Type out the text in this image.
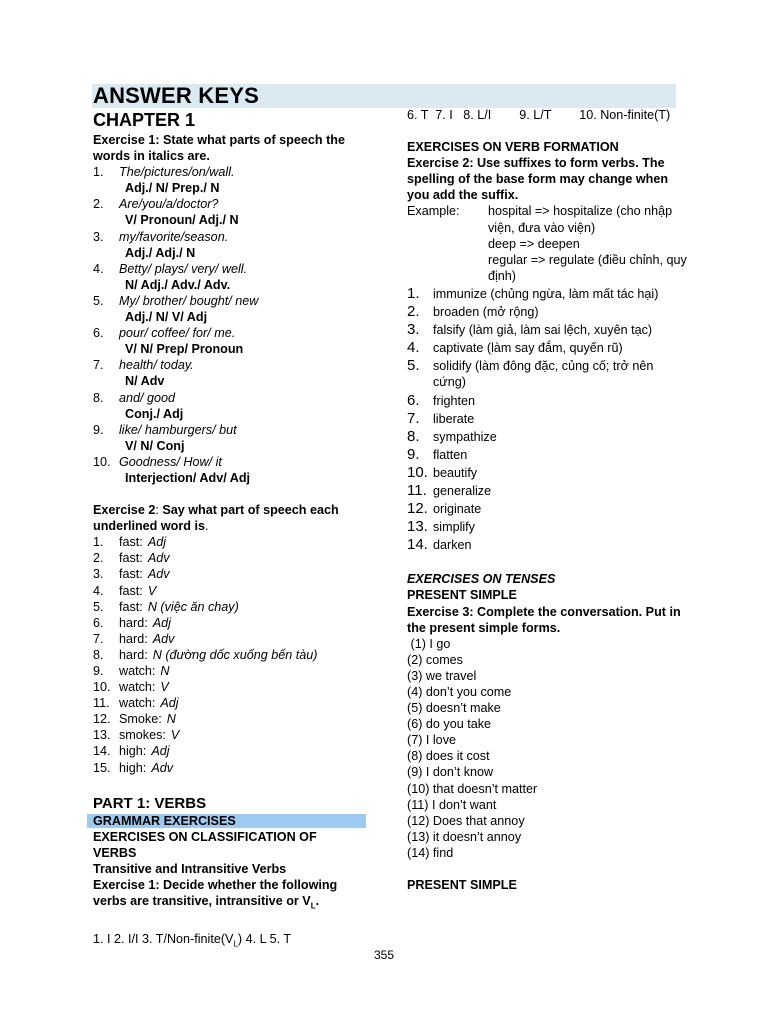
ANSWER KEYS
CHAPTER 1
Exercise 1: State what parts of speech the words in italics are.
1.	The/pictures/on/wall.
Adj./ N/ Prep./ N
2.	Are/you/a/doctor?
V/ Pronoun/ Adj./ N
3.	my/favorite/season.
Adj./ Adj./ N
4.	Betty/ plays/ very/ well.
N/ Adj./ Adv./ Adv.
5.	My/ brother/ bought/ new
Adj./ N/ V/ Adj
6.	pour/ coffee/ for/ me.
V/ N/ Prep/ Pronoun
7.	health/ today.
N/ Adv
8.	and/ good
Conj./ Adj
9.	like/ hamburgers/ but
V/ N/ Conj
10. Goodness/ How/ it
Interjection/ Adv/ Adj
Exercise 2: Say what part of speech each underlined word is.
1.	fast: Adj
2.	fast: Adv
3.	fast: Adv
4.	fast: V
5.	fast: N (việc ăn chay)
6.	hard: Adj
7.	hard: Adv
8.	hard: N (đường dốc xuống bến tàu)
9.	watch: N
10. watch: V
11. watch: Adj
12. Smoke: N
13. smokes: V
14. high: Adj
15. high: Adv
PART 1: VERBS
GRAMMAR EXERCISES
EXERCISES ON CLASSIFICATION OF VERBS
Transitive and Intransitive Verbs
Exercise 1: Decide whether the following verbs are transitive, intransitive or $V_L$.
1. I 2. I/I 3. $T/Non-finite(V_L)$ 4. L 5. T
6. T  7. I   8. L/I        9. L/T        10. Non-finite(T)
EXERCISES ON VERB FORMATION
Exercise 2: Use suffixes to form verbs. The spelling of the base form may change when you add the suffix.
Example:	hospital => hospitalize (cho nhập viện, đưa vào viện)
deep => deepen
regular => regulate (điều chỉnh, quy định)
1.	immunize (chủng ngừa, làm mất tác hại)
2.	broaden (mở rộng)
3.	falsify (làm giả, làm sai lệch, xuyên tạc)
4.	captivate (làm say đắm, quyến rũ)
5.	solidify (làm đông đặc, củng cố; trở nên cứng)
6.	frighten
7.	liberate
8.	sympathize
9.	flatten
10. beautify
11. generalize
12. originate
13. simplify
14. darken
EXERCISES ON TENSES
PRESENT SIMPLE
Exercise 3: Complete the conversation. Put in the present simple forms.
(1) I go
(2) comes
(3) we travel
(4) don’t you come
(5) doesn’t make
(6) do you take
(7) I love
(8) does it cost
(9) I don’t know
(10) that doesn’t matter
(11) I don’t want
(12) Does that annoy
(13) it doesn’t annoy
(14) find
PRESENT SIMPLE
355
